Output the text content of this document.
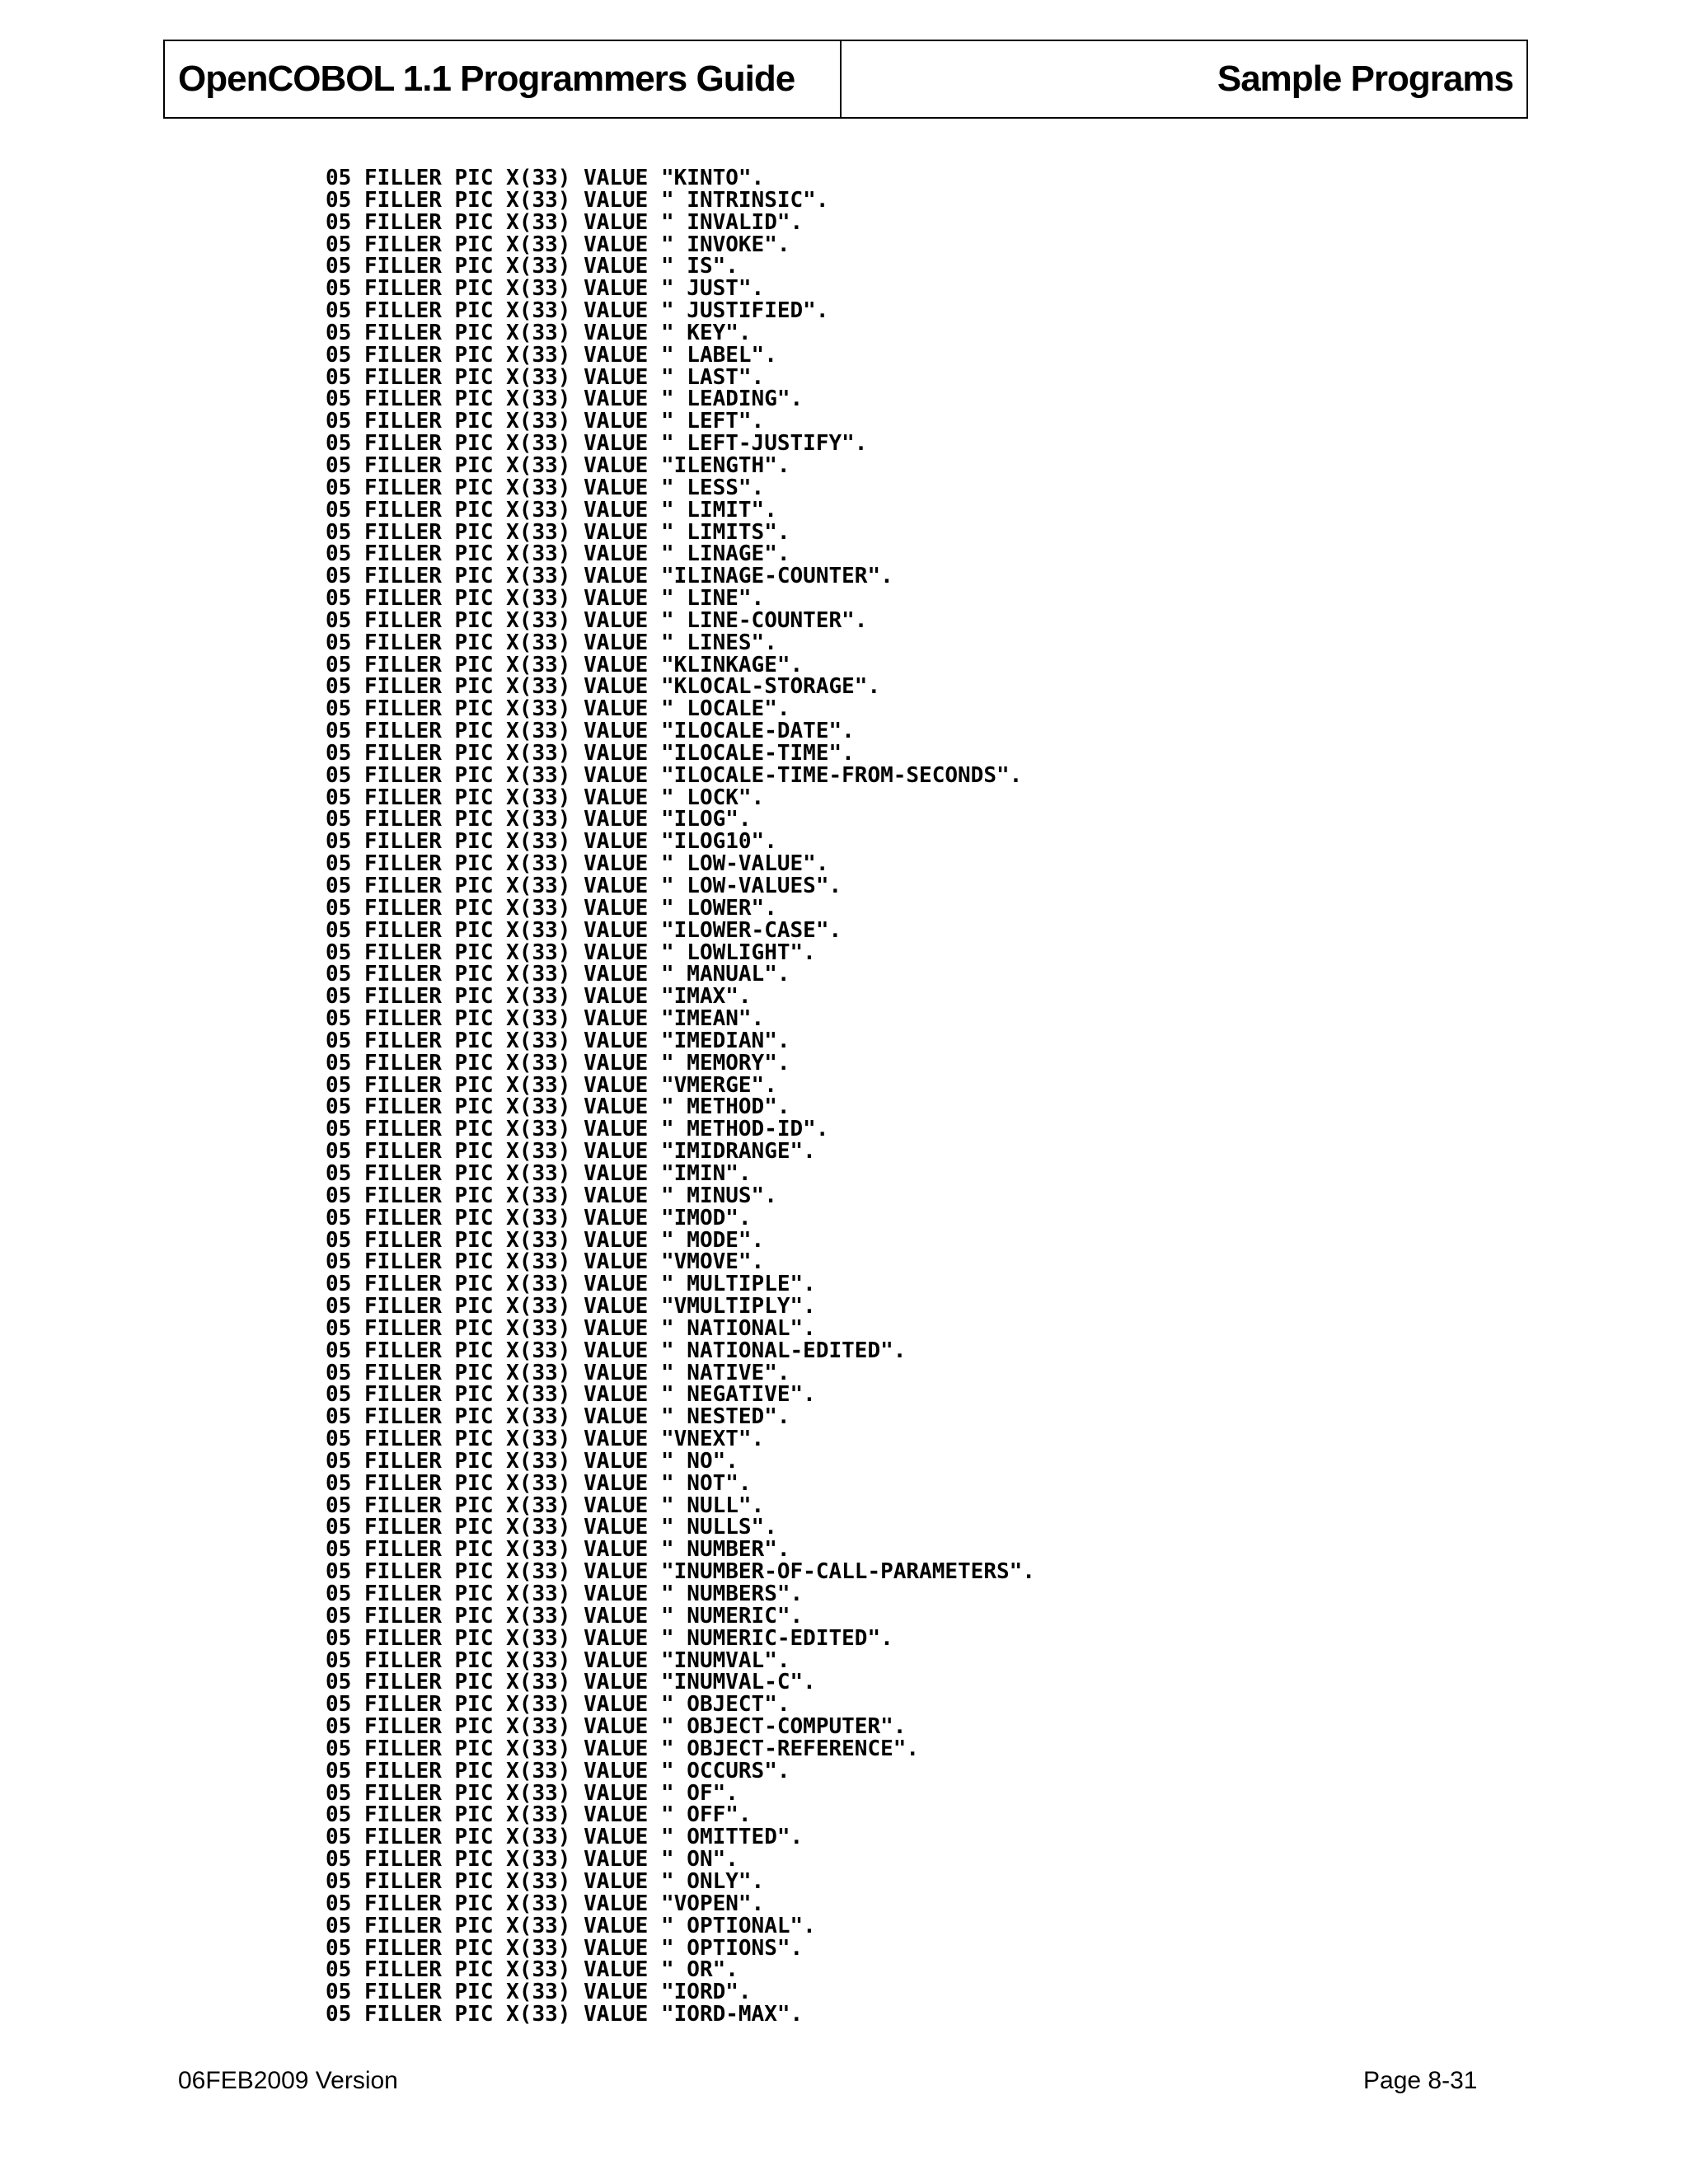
OpenCOBOL 1.1 Programmers Guide	Sample Programs
05 FILLER PIC X(33) VALUE "KINTO".
05 FILLER PIC X(33) VALUE " INTRINSIC".
05 FILLER PIC X(33) VALUE " INVALID".
05 FILLER PIC X(33) VALUE " INVOKE".
05 FILLER PIC X(33) VALUE " IS".
05 FILLER PIC X(33) VALUE " JUST".
05 FILLER PIC X(33) VALUE " JUSTIFIED".
05 FILLER PIC X(33) VALUE " KEY".
05 FILLER PIC X(33) VALUE " LABEL".
05 FILLER PIC X(33) VALUE " LAST".
05 FILLER PIC X(33) VALUE " LEADING".
05 FILLER PIC X(33) VALUE " LEFT".
05 FILLER PIC X(33) VALUE " LEFT-JUSTIFY".
05 FILLER PIC X(33) VALUE "ILENGTH".
05 FILLER PIC X(33) VALUE " LESS".
05 FILLER PIC X(33) VALUE " LIMIT".
05 FILLER PIC X(33) VALUE " LIMITS".
05 FILLER PIC X(33) VALUE " LINAGE".
05 FILLER PIC X(33) VALUE "ILINAGE-COUNTER".
05 FILLER PIC X(33) VALUE " LINE".
05 FILLER PIC X(33) VALUE " LINE-COUNTER".
05 FILLER PIC X(33) VALUE " LINES".
05 FILLER PIC X(33) VALUE "KLINKAGE".
05 FILLER PIC X(33) VALUE "KLOCAL-STORAGE".
05 FILLER PIC X(33) VALUE " LOCALE".
05 FILLER PIC X(33) VALUE "ILOCALE-DATE".
05 FILLER PIC X(33) VALUE "ILOCALE-TIME".
05 FILLER PIC X(33) VALUE "ILOCALE-TIME-FROM-SECONDS".
05 FILLER PIC X(33) VALUE " LOCK".
05 FILLER PIC X(33) VALUE "ILOG".
05 FILLER PIC X(33) VALUE "ILOG10".
05 FILLER PIC X(33) VALUE " LOW-VALUE".
05 FILLER PIC X(33) VALUE " LOW-VALUES".
05 FILLER PIC X(33) VALUE " LOWER".
05 FILLER PIC X(33) VALUE "ILOWER-CASE".
05 FILLER PIC X(33) VALUE " LOWLIGHT".
05 FILLER PIC X(33) VALUE " MANUAL".
05 FILLER PIC X(33) VALUE "IMAX".
05 FILLER PIC X(33) VALUE "IMEAN".
05 FILLER PIC X(33) VALUE "IMEDIAN".
05 FILLER PIC X(33) VALUE " MEMORY".
05 FILLER PIC X(33) VALUE "VMERGE".
05 FILLER PIC X(33) VALUE " METHOD".
05 FILLER PIC X(33) VALUE " METHOD-ID".
05 FILLER PIC X(33) VALUE "IMIDRANGE".
05 FILLER PIC X(33) VALUE "IMIN".
05 FILLER PIC X(33) VALUE " MINUS".
05 FILLER PIC X(33) VALUE "IMOD".
05 FILLER PIC X(33) VALUE " MODE".
05 FILLER PIC X(33) VALUE "VMOVE".
05 FILLER PIC X(33) VALUE " MULTIPLE".
05 FILLER PIC X(33) VALUE "VMULTIPLY".
05 FILLER PIC X(33) VALUE " NATIONAL".
05 FILLER PIC X(33) VALUE " NATIONAL-EDITED".
05 FILLER PIC X(33) VALUE " NATIVE".
05 FILLER PIC X(33) VALUE " NEGATIVE".
05 FILLER PIC X(33) VALUE " NESTED".
05 FILLER PIC X(33) VALUE "VNEXT".
05 FILLER PIC X(33) VALUE " NO".
05 FILLER PIC X(33) VALUE " NOT".
05 FILLER PIC X(33) VALUE " NULL".
05 FILLER PIC X(33) VALUE " NULLS".
05 FILLER PIC X(33) VALUE " NUMBER".
05 FILLER PIC X(33) VALUE "INUMBER-OF-CALL-PARAMETERS".
05 FILLER PIC X(33) VALUE " NUMBERS".
05 FILLER PIC X(33) VALUE " NUMERIC".
05 FILLER PIC X(33) VALUE " NUMERIC-EDITED".
05 FILLER PIC X(33) VALUE "INUMVAL".
05 FILLER PIC X(33) VALUE "INUMVAL-C".
05 FILLER PIC X(33) VALUE " OBJECT".
05 FILLER PIC X(33) VALUE " OBJECT-COMPUTER".
05 FILLER PIC X(33) VALUE " OBJECT-REFERENCE".
05 FILLER PIC X(33) VALUE " OCCURS".
05 FILLER PIC X(33) VALUE " OF".
05 FILLER PIC X(33) VALUE " OFF".
05 FILLER PIC X(33) VALUE " OMITTED".
05 FILLER PIC X(33) VALUE " ON".
05 FILLER PIC X(33) VALUE " ONLY".
05 FILLER PIC X(33) VALUE "VOPEN".
05 FILLER PIC X(33) VALUE " OPTIONAL".
05 FILLER PIC X(33) VALUE " OPTIONS".
05 FILLER PIC X(33) VALUE " OR".
05 FILLER PIC X(33) VALUE "IORD".
05 FILLER PIC X(33) VALUE "IORD-MAX".
06FEB2009 Version	Page 8-31
